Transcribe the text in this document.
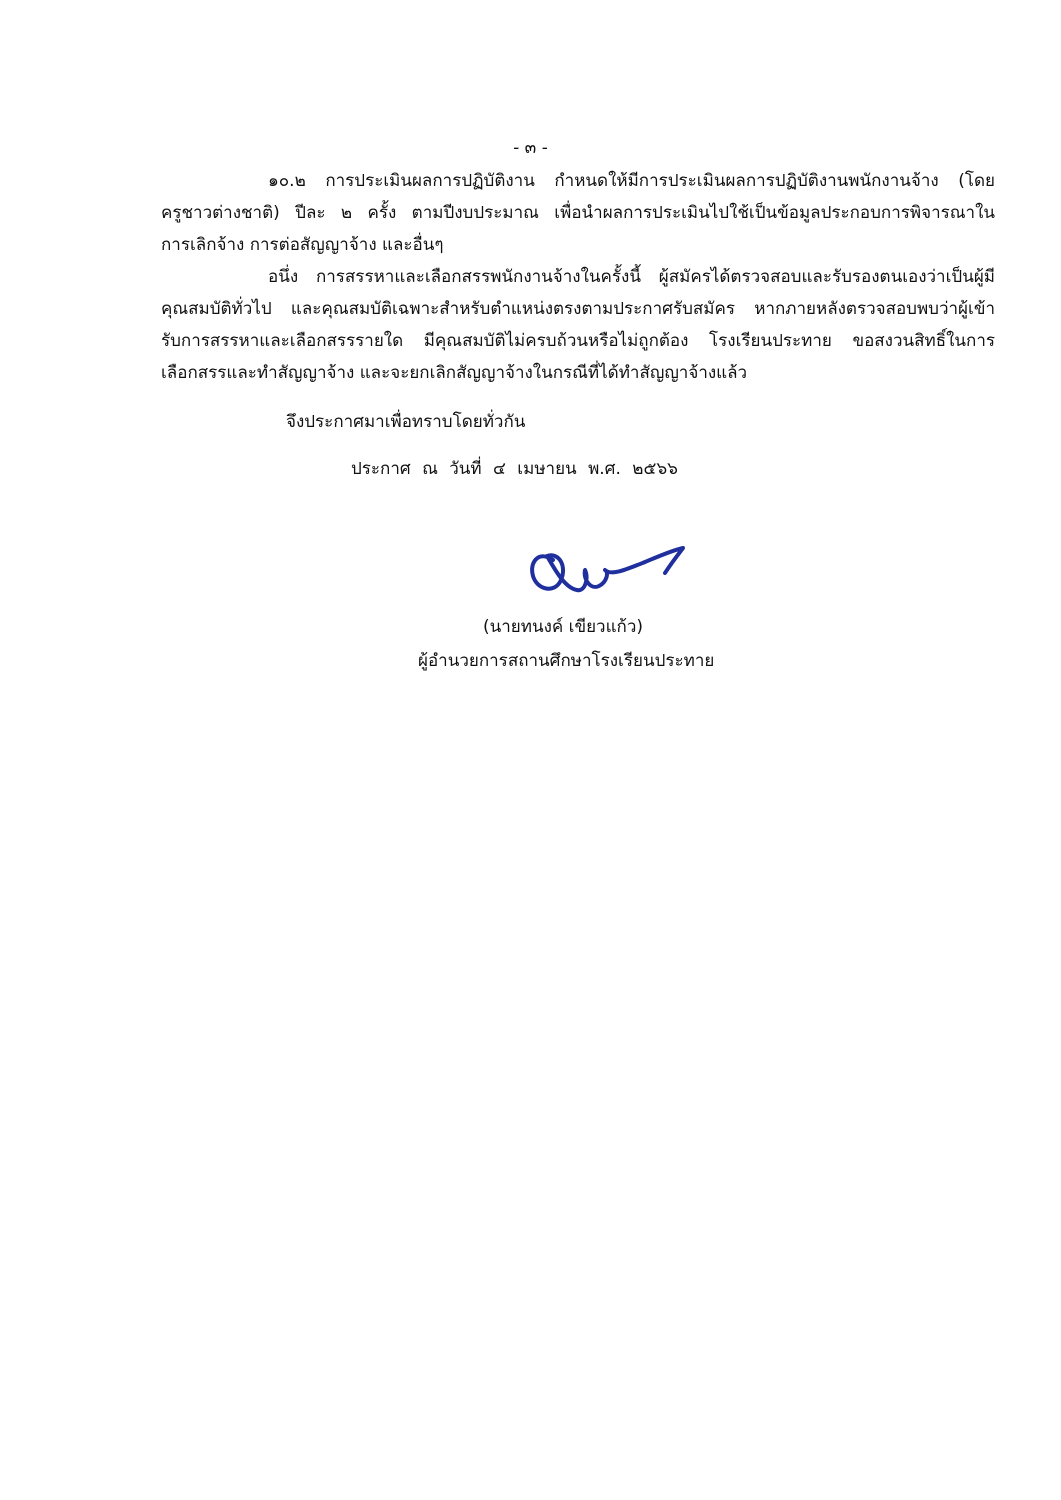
- ๓ -
๑๐.๒ การประเมินผลการปฏิบัติงาน กำหนดให้มีการประเมินผลการปฏิบัติงานพนักงานจ้าง (โดย
ครูชาวต่างชาติ) ปีละ ๒ ครั้ง ตามปีงบประมาณ เพื่อนำผลการประเมินไปใช้เป็นข้อมูลประกอบการพิจารณาใน
การเลิกจ้าง การต่อสัญญาจ้าง และอื่นๆ
อนึ่ง การสรรหาและเลือกสรรพนักงานจ้างในครั้งนี้ ผู้สมัครได้ตรวจสอบและรับรองตนเองว่าเป็นผู้มี
คุณสมบัติทั่วไป และคุณสมบัติเฉพาะสำหรับตำแหน่งตรงตามประกาศรับสมัคร หากภายหลังตรวจสอบพบว่าผู้เข้า
รับการสรรหาและเลือกสรรรายใด มีคุณสมบัติไม่ครบถ้วนหรือไม่ถูกต้อง โรงเรียนประทาย ขอสงวนสิทธิ์ในการ
เลือกสรรและทำสัญญาจ้าง และจะยกเลิกสัญญาจ้างในกรณีที่ได้ทำสัญญาจ้างแล้ว
จึงประกาศมาเพื่อทราบโดยทั่วกัน
ประกาศ ณ วันที่ ๔ เมษายน พ.ศ. ๒๕๖๖
(นายทนงค์ เขียวแก้ว)
ผู้อำนวยการสถานศึกษาโรงเรียนประทาย
